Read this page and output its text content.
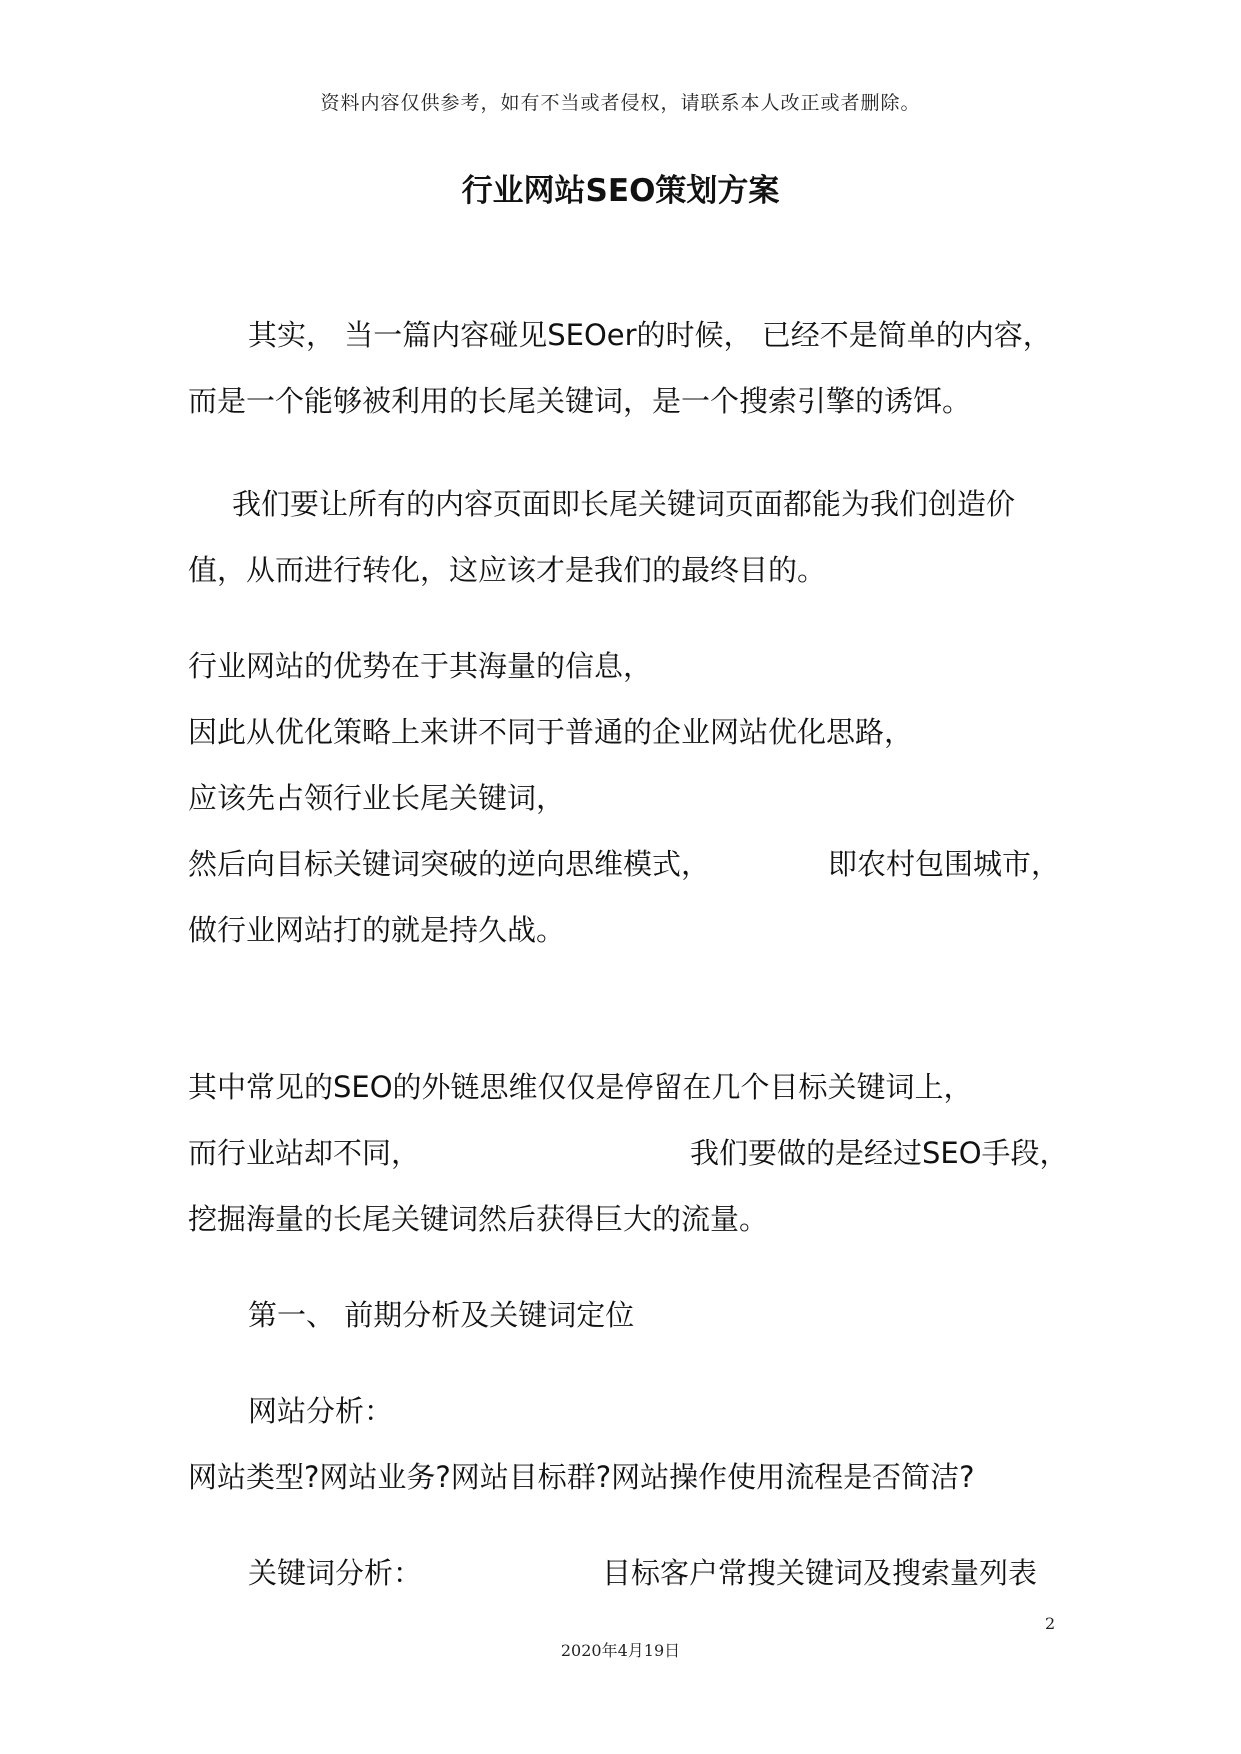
资料内容仅供参考，如有不当或者侵权，请联系本人改正或者删除。
行业网站SEO策划方案
其实， 当一篇内容碰见SEOer的时候， 已经不是简单的内容，
而是一个能够被利用的长尾关键词，是一个搜索引擎的诱饵。
我们要让所有的内容页面即长尾关键词页面都能为我们创造价
值，从而进行转化，这应该才是我们的最终目的。
行业网站的优势在于其海量的信息，
因此从优化策略上来讲不同于普通的企业网站优化思路，
应该先占领行业长尾关键词，
然后向目标关键词突破的逆向思维模式，	即农村包围城市，
做行业网站打的就是持久战。
其中常见的SEO的外链思维仅仅是停留在几个目标关键词上，
而行业站却不同，	我们要做的是经过SEO手段，
挖掘海量的长尾关键词然后获得巨大的流量。
第一、 前期分析及关键词定位
网站分析：
网站类型?网站业务?网站目标群?网站操作使用流程是否简洁?
关键词分析：	目标客户常搜关键词及搜索量列表
2
2020年4月19日
